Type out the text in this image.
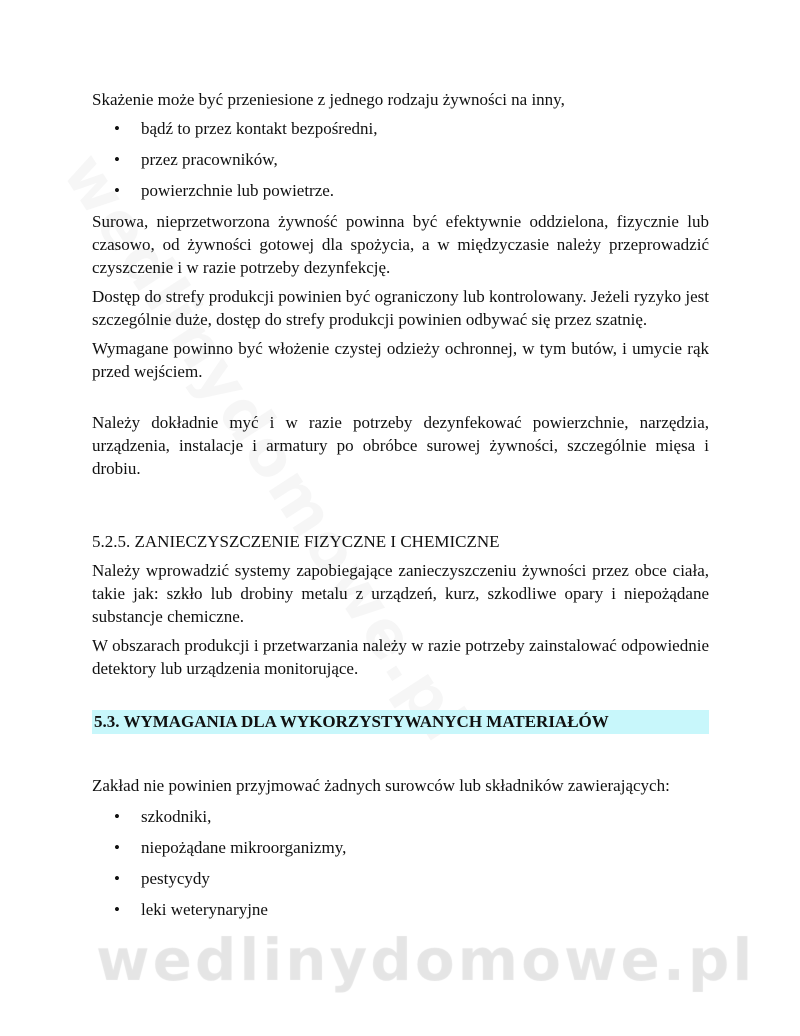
wedlinydomowe.pl

Skażenie może być przeniesione z jednego rodzaju żywności na inny,

• bądź to przez kontakt bezpośredni,
• przez pracowników,
• powierzchnie lub powietrze.

Surowa, nieprzetworzona żywność powinna być efektywnie oddzielona, fizycznie lub czasowo, od żywności gotowej dla spożycia, a w międzyczasie należy przeprowadzić czyszczenie i w razie potrzeby dezynfekcję.

Dostęp do strefy produkcji powinien być ograniczony lub kontrolowany. Jeżeli ryzyko jest szczególnie duże, dostęp do strefy produkcji powinien odbywać się przez szatnię.

Wymagane powinno być włożenie czystej odzieży ochronnej, w tym butów, i umycie rąk przed wejściem.

Należy dokładnie myć i w razie potrzeby dezynfekować powierzchnie, narzędzia, urządzenia, instalacje i armatury po obróbce surowej żywności, szczególnie mięsa i drobiu.

5.2.5. ZANIECZYSZCZENIE FIZYCZNE I CHEMICZNE

Należy wprowadzić systemy zapobiegające zanieczyszczeniu żywności przez obce ciała, takie jak: szkło lub drobiny metalu z urządzeń, kurz, szkodliwe opary i niepożądane substancje chemiczne.

W obszarach produkcji i przetwarzania należy w razie potrzeby zainstalować odpowiednie detektory lub urządzenia monitorujące.

5.3. WYMAGANIA DLA WYKORZYSTYWANYCH MATERIAŁÓW

Zakład nie powinien przyjmować żadnych surowców lub składników zawierających:

• szkodniki,
• niepożądane mikroorganizmy,
• pestycydy
• leki weterynaryjne
